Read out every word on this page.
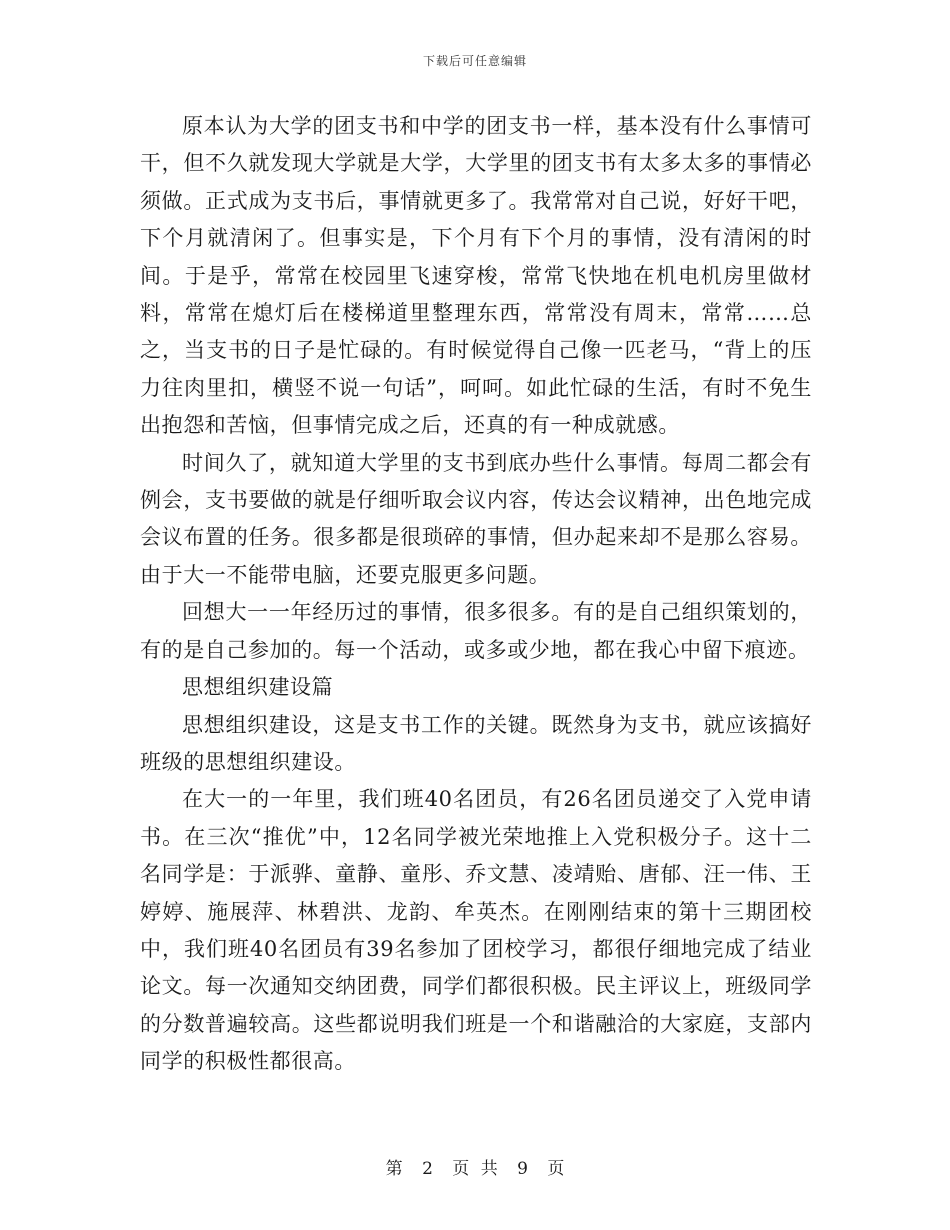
下载后可任意编辑

原本认为大学的团支书和中学的团支书一样，基本没有什么事情可干，但不久就发现大学就是大学，大学里的团支书有太多太多的事情必须做。正式成为支书后，事情就更多了。我常常对自己说，好好干吧，下个月就清闲了。但事实是，下个月有下个月的事情，没有清闲的时间。于是乎，常常在校园里飞速穿梭，常常飞快地在机电机房里做材料，常常在熄灯后在楼梯道里整理东西，常常没有周末，常常……总之，当支书的日子是忙碌的。有时候觉得自己像一匹老马，“背上的压力往肉里扣，横竖不说一句话”，呵呵。如此忙碌的生活，有时不免生出抱怨和苦恼，但事情完成之后，还真的有一种成就感。

时间久了，就知道大学里的支书到底办些什么事情。每周二都会有例会，支书要做的就是仔细听取会议内容，传达会议精神，出色地完成会议布置的任务。很多都是很琐碎的事情，但办起来却不是那么容易。由于大一不能带电脑，还要克服更多问题。

回想大一一年经历过的事情，很多很多。有的是自己组织策划的，有的是自己参加的。每一个活动，或多或少地，都在我心中留下痕迹。

思想组织建设篇

思想组织建设，这是支书工作的关键。既然身为支书，就应该搞好班级的思想组织建设。

在大一的一年里，我们班40名团员，有26名团员递交了入党申请书。在三次“推优”中，12名同学被光荣地推上入党积极分子。这十二名同学是：于派骅、童静、童彤、乔文慧、凌靖贻、唐郁、汪一伟、王婷婷、施展萍、林碧洪、龙韵、牟英杰。在刚刚结束的第十三期团校中，我们班40名团员有39名参加了团校学习，都很仔细地完成了结业论文。每一次通知交纳团费，同学们都很积极。民主评议上，班级同学的分数普遍较高。这些都说明我们班是一个和谐融洽的大家庭，支部内同学的积极性都很高。

第 2 页 共 9 页
